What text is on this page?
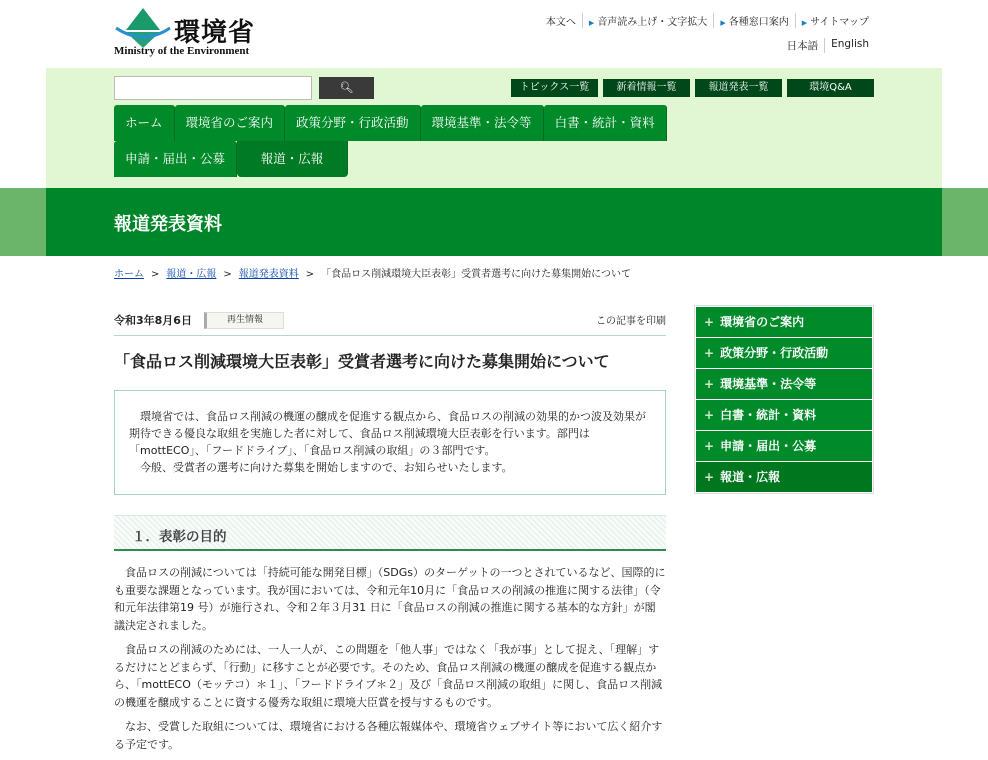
環境省
Ministry of the Environment
本文へ	▶ 音声読み上げ・文字拡大	▶ 各種窓口案内	▶ サイトマップ
日本語	English
🔍︎	トピックス一覧	新着情報一覧	報道発表一覧	環境Q&A
ホーム	環境省のご案内	政策分野・行政活動	環境基準・法令等	白書・統計・資料
申請・届出・公募	報道・広報
報道発表資料
ホーム > 報道・広報 > 報道発表資料 > 「食品ロス削減環境大臣表彰」受賞者選考に向けた募集開始について
令和3年8月6日	再生情報	この記事を印刷
「食品ロス削減環境大臣表彰」受賞者選考に向けた募集開始について

環境省では、食品ロス削減の機運の醸成を促進する観点から、食品ロスの削減の効果的かつ波及効果が期待できる優良な取組を実施した者に対して、食品ロス削減環境大臣表彰を行います。部門は「mottECO」、「フードドライブ」、「食品ロス削減の取組」の３部門です。

今般、受賞者の選考に向けた募集を開始しますので、お知らせいたします。

１．表彰の目的

食品ロスの削減については「持続可能な開発目標」（SDGs）のターゲットの一つとされているなど、国際的にも重要な課題となっています。我が国においては、令和元年10月に「食品ロスの削減の推進に関する法律」（令和元年法律第19 号）が施行され、令和２年３月31 日に「食品ロスの削減の推進に関する基本的な方針」が閣議決定されました。

食品ロスの削減のためには、一人一人が、この問題を「他人事」ではなく「我が事」として捉え、「理解」するだけにとどまらず、「行動」に移すことが必要です。そのため、食品ロス削減の機運の醸成を促進する観点から、「mottECO（モッテコ）＊１」、「フードドライブ＊２」及び「食品ロス削減の取組」に関し、食品ロス削減の機運を醸成することに資する優秀な取組に環境大臣賞を授与するものです。

なお、受賞した取組については、環境省における各種広報媒体や、環境省ウェブサイト等において広く紹介する予定です。

+ 環境省のご案内
+ 政策分野・行政活動
+ 環境基準・法令等
+ 白書・統計・資料
+ 申請・届出・公募
+ 報道・広報
